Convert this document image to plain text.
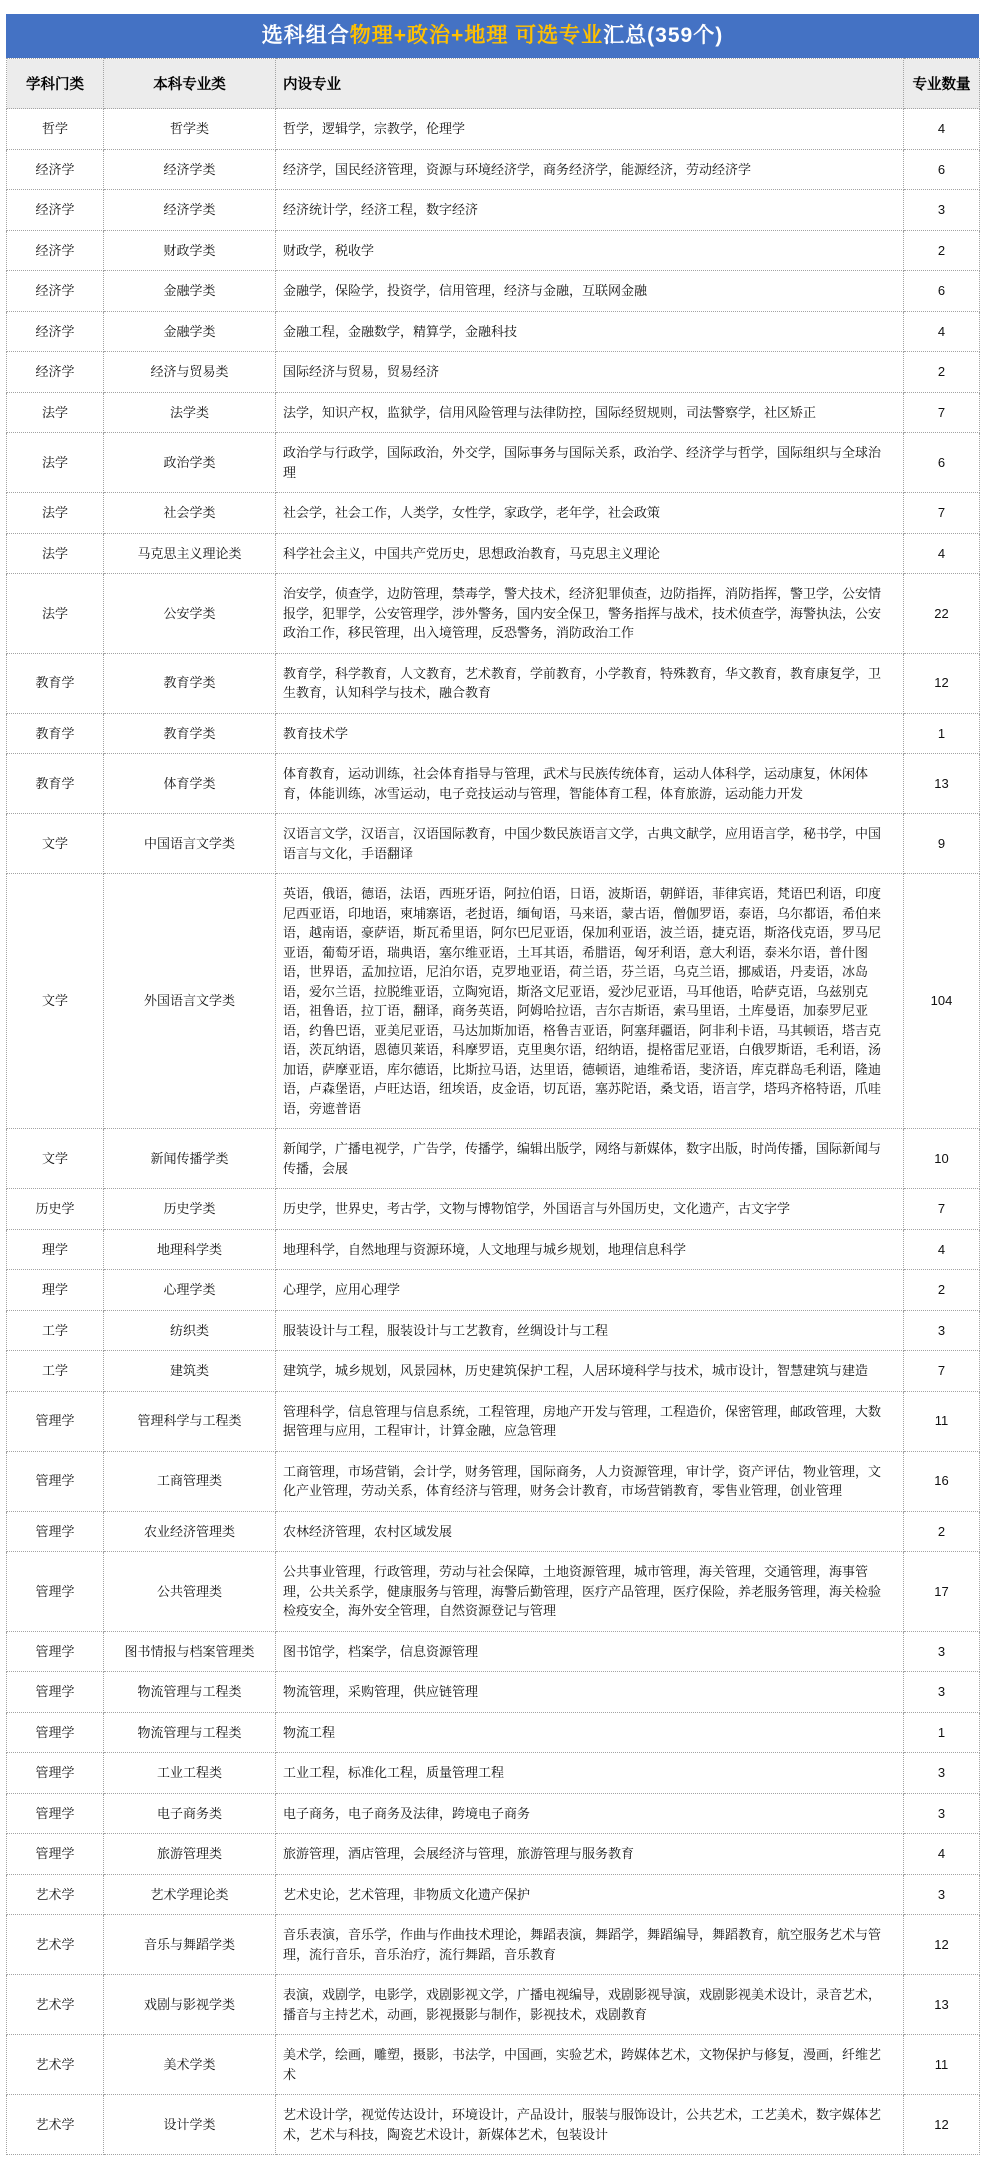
选科组合物理+政治+地理 可选专业汇总(359个)
学科门类	本科专业类	内设专业	专业数量
哲学	哲学类	哲学，逻辑学，宗教学，伦理学	4
经济学	经济学类	经济学，国民经济管理，资源与环境经济学，商务经济学，能源经济，劳动经济学	6
经济学	经济学类	经济统计学，经济工程，数字经济	3
经济学	财政学类	财政学，税收学	2
经济学	金融学类	金融学，保险学，投资学，信用管理，经济与金融，互联网金融	6
经济学	金融学类	金融工程，金融数学，精算学，金融科技	4
经济学	经济与贸易类	国际经济与贸易，贸易经济	2
法学	法学类	法学，知识产权，监狱学，信用风险管理与法律防控，国际经贸规则，司法警察学，社区矫正	7
法学	政治学类	政治学与行政学，国际政治，外交学，国际事务与国际关系，政治学、经济学与哲学，国际组织与全球治理	6
法学	社会学类	社会学，社会工作，人类学，女性学，家政学，老年学，社会政策	7
法学	马克思主义理论类	科学社会主义，中国共产党历史，思想政治教育，马克思主义理论	4
法学	公安学类	治安学，侦查学，边防管理，禁毒学，警犬技术，经济犯罪侦查，边防指挥，消防指挥，警卫学，公安情报学，犯罪学，公安管理学，涉外警务，国内安全保卫，警务指挥与战术，技术侦查学，海警执法，公安政治工作，移民管理，出入境管理，反恐警务，消防政治工作	22
教育学	教育学类	教育学，科学教育，人文教育，艺术教育，学前教育，小学教育，特殊教育，华文教育，教育康复学，卫生教育，认知科学与技术，融合教育	12
教育学	教育学类	教育技术学	1
教育学	体育学类	体育教育，运动训练，社会体育指导与管理，武术与民族传统体育，运动人体科学，运动康复，休闲体育，体能训练，冰雪运动，电子竞技运动与管理，智能体育工程，体育旅游，运动能力开发	13
文学	中国语言文学类	汉语言文学，汉语言，汉语国际教育，中国少数民族语言文学，古典文献学，应用语言学，秘书学，中国语言与文化，手语翻译	9
文学	外国语言文学类	英语，俄语，德语，法语，西班牙语，阿拉伯语，日语，波斯语，朝鲜语，菲律宾语，梵语巴利语，印度尼西亚语，印地语，柬埔寨语，老挝语，缅甸语，马来语，蒙古语，僧伽罗语，泰语，乌尔都语，希伯来语，越南语，豪萨语，斯瓦希里语，阿尔巴尼亚语，保加利亚语，波兰语，捷克语，斯洛伐克语，罗马尼亚语，葡萄牙语，瑞典语，塞尔维亚语，土耳其语，希腊语，匈牙利语，意大利语，泰米尔语，普什图语，世界语，孟加拉语，尼泊尔语，克罗地亚语，荷兰语，芬兰语，乌克兰语，挪威语，丹麦语，冰岛语，爱尔兰语，拉脱维亚语，立陶宛语，斯洛文尼亚语，爱沙尼亚语，马耳他语，哈萨克语，乌兹别克语，祖鲁语，拉丁语，翻译，商务英语，阿姆哈拉语，吉尔吉斯语，索马里语，土库曼语，加泰罗尼亚语，约鲁巴语，亚美尼亚语，马达加斯加语，格鲁吉亚语，阿塞拜疆语，阿非利卡语，马其顿语，塔吉克语，茨瓦纳语，恩德贝莱语，科摩罗语，克里奥尔语，绍纳语，提格雷尼亚语，白俄罗斯语，毛利语，汤加语，萨摩亚语，库尔德语，比斯拉马语，达里语，德顿语，迪维希语，斐济语，库克群岛毛利语，隆迪语，卢森堡语，卢旺达语，纽埃语，皮金语，切瓦语，塞苏陀语，桑戈语，语言学，塔玛齐格特语，爪哇语，旁遮普语	104
文学	新闻传播学类	新闻学，广播电视学，广告学，传播学，编辑出版学，网络与新媒体，数字出版，时尚传播，国际新闻与传播，会展	10
历史学	历史学类	历史学，世界史，考古学，文物与博物馆学，外国语言与外国历史，文化遗产，古文字学	7
理学	地理科学类	地理科学，自然地理与资源环境，人文地理与城乡规划，地理信息科学	4
理学	心理学类	心理学，应用心理学	2
工学	纺织类	服装设计与工程，服装设计与工艺教育，丝绸设计与工程	3
工学	建筑类	建筑学，城乡规划，风景园林，历史建筑保护工程，人居环境科学与技术，城市设计，智慧建筑与建造	7
管理学	管理科学与工程类	管理科学，信息管理与信息系统，工程管理，房地产开发与管理，工程造价，保密管理，邮政管理，大数据管理与应用，工程审计，计算金融，应急管理	11
管理学	工商管理类	工商管理，市场营销，会计学，财务管理，国际商务，人力资源管理，审计学，资产评估，物业管理，文化产业管理，劳动关系，体育经济与管理，财务会计教育，市场营销教育，零售业管理，创业管理	16
管理学	农业经济管理类	农林经济管理，农村区域发展	2
管理学	公共管理类	公共事业管理，行政管理，劳动与社会保障，土地资源管理，城市管理，海关管理，交通管理，海事管理，公共关系学，健康服务与管理，海警后勤管理，医疗产品管理，医疗保险，养老服务管理，海关检验检疫安全，海外安全管理，自然资源登记与管理	17
管理学	图书情报与档案管理类	图书馆学，档案学，信息资源管理	3
管理学	物流管理与工程类	物流管理，采购管理，供应链管理	3
管理学	物流管理与工程类	物流工程	1
管理学	工业工程类	工业工程，标准化工程，质量管理工程	3
管理学	电子商务类	电子商务，电子商务及法律，跨境电子商务	3
管理学	旅游管理类	旅游管理，酒店管理，会展经济与管理，旅游管理与服务教育	4
艺术学	艺术学理论类	艺术史论，艺术管理，非物质文化遗产保护	3
艺术学	音乐与舞蹈学类	音乐表演，音乐学，作曲与作曲技术理论，舞蹈表演，舞蹈学，舞蹈编导，舞蹈教育，航空服务艺术与管理，流行音乐，音乐治疗，流行舞蹈，音乐教育	12
艺术学	戏剧与影视学类	表演，戏剧学，电影学，戏剧影视文学，广播电视编导，戏剧影视导演，戏剧影视美术设计，录音艺术，播音与主持艺术，动画，影视摄影与制作，影视技术，戏剧教育	13
艺术学	美术学类	美术学，绘画，雕塑，摄影，书法学，中国画，实验艺术，跨媒体艺术，文物保护与修复，漫画，纤维艺术	11
艺术学	设计学类	艺术设计学，视觉传达设计，环境设计，产品设计，服装与服饰设计，公共艺术，工艺美术，数字媒体艺术，艺术与科技，陶瓷艺术设计，新媒体艺术，包装设计	12
